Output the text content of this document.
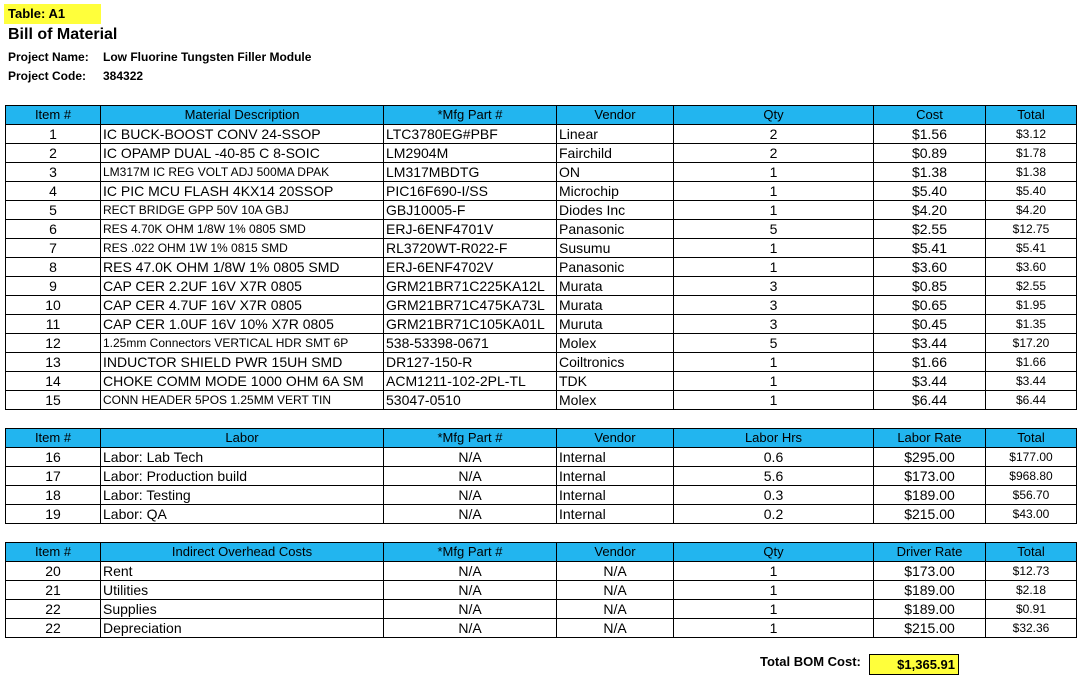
Table: A1
Bill of Material
Project Name: Low Fluorine Tungsten Filler Module
Project Code: 384322
Item #	Material Description	*Mfg Part #	Vendor	Qty	Cost	Total
1	IC BUCK-BOOST CONV 24-SSOP	LTC3780EG#PBF	Linear	2	$1.56	$3.12
2	IC OPAMP DUAL -40-85 C 8-SOIC	LM2904M	Fairchild	2	$0.89	$1.78
3	LM317M IC REG VOLT ADJ 500MA DPAK	LM317MBDTG	ON	1	$1.38	$1.38
4	IC PIC MCU FLASH 4KX14 20SSOP	PIC16F690-I/SS	Microchip	1	$5.40	$5.40
5	RECT BRIDGE GPP 50V 10A GBJ	GBJ10005-F	Diodes Inc	1	$4.20	$4.20
6	RES 4.70K OHM 1/8W 1% 0805 SMD	ERJ-6ENF4701V	Panasonic	5	$2.55	$12.75
7	RES .022 OHM 1W 1% 0815 SMD	RL3720WT-R022-F	Susumu	1	$5.41	$5.41
8	RES 47.0K OHM 1/8W 1% 0805 SMD	ERJ-6ENF4702V	Panasonic	1	$3.60	$3.60
9	CAP CER 2.2UF 16V X7R 0805	GRM21BR71C225KA12L	Murata	3	$0.85	$2.55
10	CAP CER 4.7UF 16V X7R 0805	GRM21BR71C475KA73L	Murata	3	$0.65	$1.95
11	CAP CER 1.0UF 16V 10% X7R 0805	GRM21BR71C105KA01L	Muruta	3	$0.45	$1.35
12	1.25mm Connectors VERTICAL HDR SMT 6P	538-53398-0671	Molex	5	$3.44	$17.20
13	INDUCTOR SHIELD PWR 15UH SMD	DR127-150-R	Coiltronics	1	$1.66	$1.66
14	CHOKE COMM MODE 1000 OHM 6A SM	ACM1211-102-2PL-TL	TDK	1	$3.44	$3.44
15	CONN HEADER 5POS 1.25MM VERT TIN	53047-0510	Molex	1	$6.44	$6.44
Item #	Labor	*Mfg Part #	Vendor	Labor Hrs	Labor Rate	Total
16	Labor: Lab Tech	N/A	Internal	0.6	$295.00	$177.00
17	Labor: Production build	N/A	Internal	5.6	$173.00	$968.80
18	Labor: Testing	N/A	Internal	0.3	$189.00	$56.70
19	Labor: QA	N/A	Internal	0.2	$215.00	$43.00
Item #	Indirect Overhead Costs	*Mfg Part #	Vendor	Qty	Driver Rate	Total
20	Rent	N/A	N/A	1	$173.00	$12.73
21	Utilities	N/A	N/A	1	$189.00	$2.18
22	Supplies	N/A	N/A	1	$189.00	$0.91
22	Depreciation	N/A	N/A	1	$215.00	$32.36
Total BOM Cost:	$1,365.91
